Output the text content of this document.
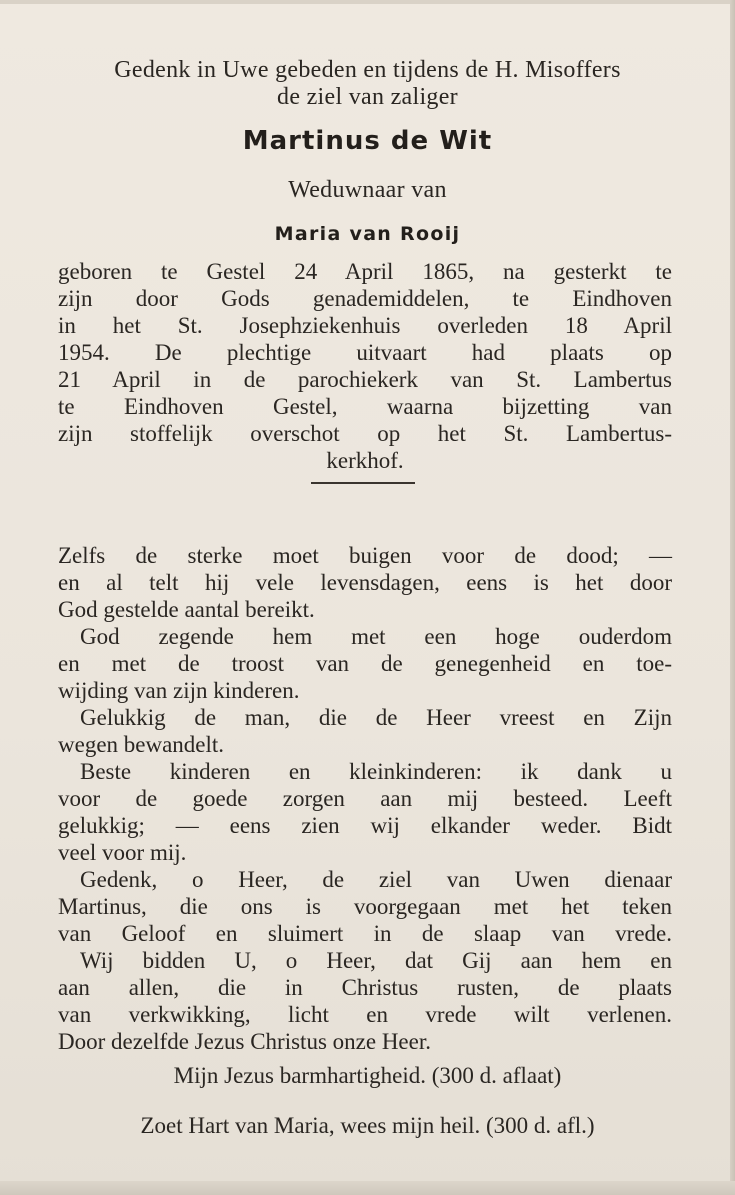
Gedenk in Uwe gebeden en tijdens de H. Misoffers
de ziel van zaliger
Martinus de Wit
Weduwnaar van
Maria van Rooij
geboren te Gestel 24 April 1865, na gesterkt te
zijn door Gods genademiddelen, te Eindhoven
in het St. Josephziekenhuis overleden 18 April
1954. De plechtige uitvaart had plaats op
21 April in de parochiekerk van St. Lambertus
te Eindhoven Gestel, waarna bijzetting van
zijn stoffelijk overschot op het St. Lambertus-
kerkhof.
Zelfs de sterke moet buigen voor de dood; —
en al telt hij vele levensdagen, eens is het door
God gestelde aantal bereikt.
God zegende hem met een hoge ouderdom
en met de troost van de genegenheid en toe-
wijding van zijn kinderen.
Gelukkig de man, die de Heer vreest en Zijn
wegen bewandelt.
Beste kinderen en kleinkinderen: ik dank u
voor de goede zorgen aan mij besteed. Leeft
gelukkig; — eens zien wij elkander weder. Bidt
veel voor mij.
Gedenk, o Heer, de ziel van Uwen dienaar
Martinus, die ons is voorgegaan met het teken
van Geloof en sluimert in de slaap van vrede.
Wij bidden U, o Heer, dat Gij aan hem en
aan allen, die in Christus rusten, de plaats
van verkwikking, licht en vrede wilt verlenen.
Door dezelfde Jezus Christus onze Heer.
Mijn Jezus barmhartigheid. (300 d. aflaat)
Zoet Hart van Maria, wees mijn heil. (300 d. afl.)
